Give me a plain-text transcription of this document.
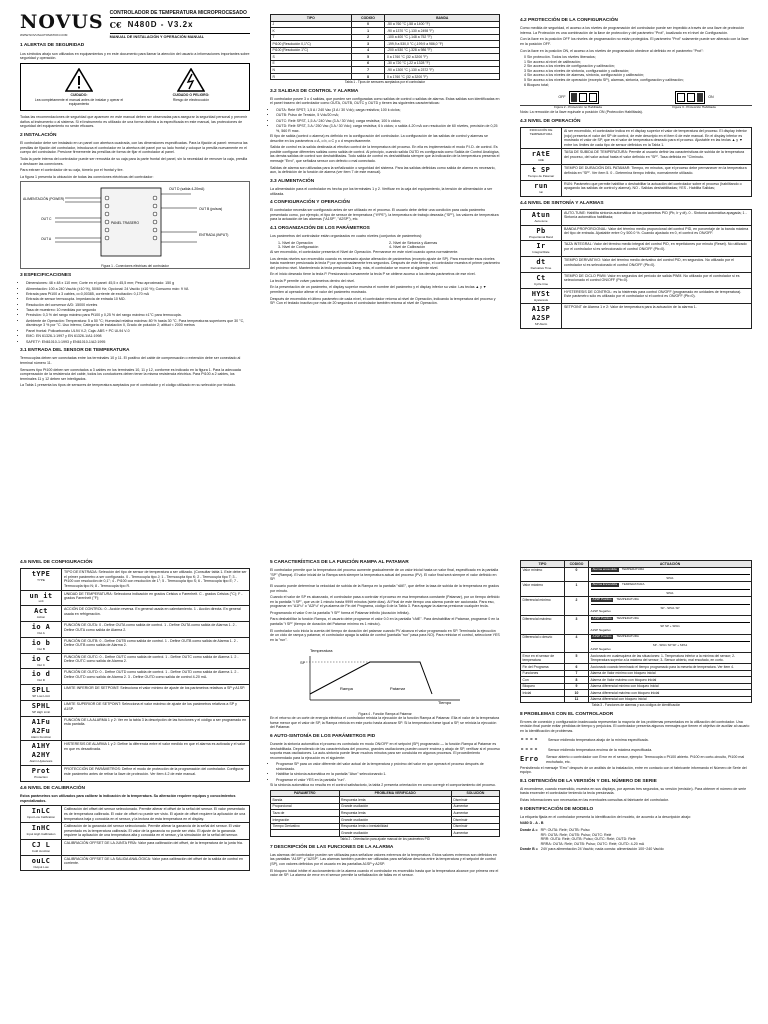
NOVUS
WWW.NOVUSAUTOMATION.COM
CONTROLADOR DE TEMPERATURA MICROPROCESADO
C€ N480D - V3.2x
MANUAL DE INSTALACIÓN Y OPERACIÓN MANUAL
1 ALERTAS DE SEGURIDAD

Los símbolos abajo son utilizados en equipamientos y en este documento para llamar la atención del usuario a informaciones importantes sobre seguridad y operación.

CUIDADO:
Lea completamente el manual antes de instalar y operar el equipamiento
CUIDADO O PELIGRO:
Riesgo de electrocución

Todas las recomendaciones de seguridad que aparecen en este manual deben ser observadas para asegurar la seguridad personal y prevenir daños al instrumento o al sistema. Si el instrumento es utilizado de una forma distinta a la especificada en este manual, las protecciones de seguridad del equipamiento no serán eficaces.

2 INSTALACIÓN

El controlador debe ser instalado en un panel con abertura cuadrada, con las dimensiones especificadas. Para la fijación al panel: remueva las presillas de fijación del controlador, introduzca el controlador en la abertura del panel por su lado frontal y coloque la presilla nuevamente en el cuerpo del controlador. Presione firmemente las presillas de forma de fijar el controlador al panel.

Toda la parte interna del controlador puede ser removida de su caja para la parte frontal del panel, sin la necesidad de remover la caja, presilla o deshacer las conexiones.

Para extraer el controlador de su caja, tómelo por el frontal y tire.

La figura 1 presenta la ubicación de todas las conexiones eléctricas del controlador:

PANEL TRASERO
ALIMENTACIÓN (POWER)
OUT C
OUT A
OUT D (salida 4-20mA)
OUT B (pulsos)
ENTRADA (INPUT)
Figura 1 - Conexiones eléctricas del controlador
3 ESPECIFICACIONES
• Dimensiones: 48 x 48 x 110 mm; Corte en el panel: 45,5 x 45,5 mm; Peso aproximado: 150 g
• Alimentación: 100 a 240 Vac/dc (±10 %), 50/60 Hz; Opcional: 24 Vac/dc (±10 %); Consumo máx: 9 VA
• Entrada para Pt100 a 3 cables, α=0,00385, corriente de excitación: 0,170 mA
• Entrada de sensor termocupla. Impedancia de entrada 10 MΩ.
• Resolución del conversor A/D: 15000 niveles
• Tasa de muestreo: 10 medidas por segundo
• Precisión: 0,3 % del rango máximo para Pt100 y 0,25 % del rango máximo ±1°C para termocupla.
• Ambiente de Operación: Temperatura: 5 a 50 °C; Humedad relativa máxima: 80 % hasta 30 °C. Para temperaturas superiores que 30 °C, disminuye 3 % por °C. Uso interno; Categoría de instalación II, Grado de polución 2; altitud < 2000 metros
• Panel frontal: Policarbonato UL94 V-2; Caja: ABS + PC UL94 V-0
• EMC: EN 61326-1:1997 y EN 61326-1/A1:1998
• SAFETY: EN61010-1:1993 y EN61010-1/A2:1995
3.1 ENTRADA DEL SENSOR DE TEMPERATURA

Termocuplas deben ser conectadas entre los terminales 10 y 11. El positivo del cable de compensación o extensión debe ser conectado al terminal número 11.

Sensores tipo Pt100 deben ser conectados a 3 cables en los terminales 10, 11 y 12, conforme es indicado en la figura 1. Para la adecuada compensación de la resistencia del cable, todos los conductores deben tener la misma resistencia eléctrica. Para Pt100 a 2 cables, los terminales 11 y 12 deben ser interligados.

La Tabla 1 presenta los tipos de sensores de temperatura aceptados por el controlador y el código utilizado en su selección por teclado.

4.5 NIVEL DE CONFIGURACIÓN
tYPE
TYPE
TIPO DE ENTRADA: Selección del tipo de sensor de temperatura a ser utilizado. (Consultar tabla 1. Este debe ser el primer parámetro a ser configurado. 0 - Termocupla tipo J; 1 - Termocupla tipo K; 2 - Termocupla tipo T; 3 - Pt100 con resolución de 0,1°; 4 - Pt100 con resolución de 1°; 5 - Termocupla tipo S; 6 - Termocupla tipo E; 7 - Termocupla tipo N; 8 - Termocupla tipo R.
un it
unit
UNIDAD DE TEMPERATURA: Selecciona indicación en grados Celsius o Farenheit. C - grados Celsius (°C); F - grados Farenheit (°F);
Act
Action
ACCIÓN DE CONTROL: 0 - Acción reversa. En general usada en calentamiento. 1 - Acción directa. En general usada en refrigeración.
io A
Out A
FUNCIÓN DE OUTA: 0 - Define OUTA como salida de control. 1 - Define OUTA como salida de Alarma 1. 2 - Define OUTA como salida de Alarma 2.
io b
Out B
FUNCIÓN DE OUTB: 0 - Define OUTB como salida de control. 1 - Define OUTB como salida de Alarma 1. 2 - Define OUTB como salida de Alarma 2.
io C
Out C
FUNCIÓN DE OUTC: 0 - Define OUTC como salida de control. 1 - Define OUTC como salida de Alarma 1. 2 - Define OUTC como salida de Alarma 2.
io d
Out D
FUNCIÓN DE OUTD: 0 - Define OUTD como salida de control. 1 - Define OUTD como salida de Alarma 1. 2 - Define OUTD como salida de Alarma 2. 3 - Define OUTD como salida de control 4-20 mA.
SPLL
SP Low Limit
LIMITE INFERIOR DE SETPOINT: Selecciona el valor mínimo de ajuste de los parámetros relativos a SP y A1SP.
SPHL
SP High Limit
LIMITE SUPERIOR DE SETPOINT: Selecciona el valor máximo de ajuste de los parámetros relativos a SP y A1SP.
A1Fu A2Fu
Alarm Function
FUNCIÓN DE LA ALARMA 1 y 2: Ver en la tabla 3 la descripción de las funciones y el código a ser programado en esta pantalla.
A1HY A2HY
Alarm Hysteresis
HISTERESIS DE ALARMA 1 y 2: Define la diferencia entre el valor medido en que el alarma es activada y el valor en que es desactivada.
Prot
Protection
PROTECCIÓN DE PARÁMETROS: Define el modo de protección de la programación del controlador. Configurar este parámetro antes de retirar la llave de protección. Ver ítem 4.2 de este manual.
4.6 NIVEL DE CALIBRACIÓN

Estos parámetros son utilizados para calibrar la indicación de la temperatura. Su alteración requiere equipos y conocimientos especializados.

InLC
Input Low Calibration
Calibración del offset del sensor seleccionado. Permite alterar el offset de la señal del sensor. El valor presentado es de temperatura calibrada. El valor de offset no puede ser visto. El ajuste de offset requiere la aplicación de una temperatura baja y conocida en el sensor, y la lectura de esta temperatura en el display.
InHC
Input High Calibration
Calibración de la ganancia del sensor seleccionado. Permite alterar la ganancia de la señal del sensor. El valor presentado es la temperatura calibrada. El valor de la ganancia no puede ser visto. El ajuste de la ganancia requiere la aplicación de una temperatura alta y conocida en el sensor, y la simulación de la señal del sensor.
CJ L
Cold Junction
CALIBRACIÓN OFFSET DE LA JUNTA FRÍA: Valor para calibración del offset, de la temperatura de la junta fría.
ouLC
Output Low
CALIBRACIÓN OFFSET DE LA SALIDA ANALÓGICA: Valor para calibración del offset de la salida de control en corriente.
TIPO	CODIGO	BANDA
J	0	-50 a 760 °C (-58 a 1400 °F)
K	1	-90 a 1370 °C (-130 a 2498 °F)
T	2	-100 a 400 °C (-148 a 752 °F)
Pt100 (Resolución 0,1°C)	3	-199,9 a 530,0 °C (-199,9 a 986,0 °F)
Pt100 (Resolución 1°C)	4	-200 a 530 °C (-328 a 986 °F)
S	5	0 a 1760 °C (32 a 3200 °F)
E	6	-30 a 720 °C (-22 a 1328 °F)
N	7	-90 a 1300 °C (-130 a 2372 °F)
R	8	0 a 1760 °C (32 a 3200 °F)
Tabla 1 - Tipos de sensores aceptados por el controlador
3.2 SALIDAS DE CONTROL Y ALARMA

El controlador posee 3 o 4 salidas, que pueden ser configuradas como salidas de control o salidas de alarma. Estas salidas son identificadas en el panel trasero del controlador como OUTA, OUTB, OUTC y OUTD y tienen las siguientes características:

• OUTA: Relé SPST; 1,5 A / 240 Vac (3 A / 30 Vdc); carga resistiva; 100 k ciclos;
• OUTB: Pulso de Tensión, 5 Vdc/20 mA;
• OUTC: Relé SPST, 1,5 A / 240 Vac (3 A / 30 Vdc); carga resistiva; 100 k ciclos;
• OUTD: Relé SPST, 3 A / 250 Vac (3 A / 30 Vdc); carga resistiva; 6 k ciclos; o salida 4-20 mA con resolución de 60 niveles, precisión de 0,25 %, 560 R max.

El tipo de salida (control o alarma) es definido en la configuración del controlador. La configuración de las salidas de control y alarmas se describe en los parámetros o A, o b, o C y o d respectivamente.

Salida de control es la salida destinada al efectivo control de la temperatura del proceso. En ella es implementado el modo P.I.D. de control. Es posible configurar diferentes salidas como salida de control. Al principio, cuando salida OUTD es configurada como Salida de Control Analógica, las demás salidas de control son deshabilitadas. Todo salida de control es deshabilitada siempre que la indicación de la temperatura presenta el mensaje "Erro", que señaliza sensor con defecto o mal conectado.

Salidas de alarma son utilizadas para la señalización o seguridad del sistema. Para las salidas definidas como salida de alarma es necesario, aun, la definición de la función de alarma (ver ítem 7 de este manual).

3.3 ALIMENTACIÓN

La alimentación para el controlador es hecha por los terminales 1 y 2. Verificar en la caja del equipamiento, la tensión de alimentación a ser utilizada.

4 CONFIGURACIÓN Y OPERACIÓN

El controlador necesita ser configurado antes de ser utilizado en el proceso. El usuario debe definir una condición para cada parámetro presentado como, por ejemplo, el tipo de sensor de temperatura ("tYPE"), la temperatura de trabajo deseada ("SP"), los valores de temperatura para la actuación de las alarmas ("A1SP", "A2SP"), etc.

4.1 ORGANIZACIÓN DE LOS PARÁMETROS

Los parámetros del controlador están organizados en cuatro niveles (conjuntos de parámetros):

1- Nivel de Operación	2- Nivel de Sintonía y Alarmas
3- Nivel de Configuración	4- Nivel de Calibración

Al ser encendido, el controlador presenta el Nivel de Operación. Permanece en este nivel cuando opera normalmente.

Los demás niveles son encendido cuando es necesario ajustar alteración de parámetros (excepto ajuste de SP). Para encender esos niveles basta mantener presionada la tecla P por aproximadamente tres segundos. Después de este tiempo, el controlador muestra el primer parámetro del próximo nivel. Manteniendo la tecla presionada 3 seg. más, el controlador se mueve al siguiente nivel.

En el inicio deseado tiene la tecla P. Presionando nuevamente la tecla P se obtiene acceso a los demás parámetros de ese nivel.

La tecla P permite volver parámetros dentro del nivel.

En la presentación de un parámetro, el display superior muestra el nombre del parámetro y el display inferior su valor. Las teclas ▲ y ▼ permiten al operador alterar el valor del parámetro mostrado.

Después de encendido el último parámetro de cada nivel, el controlador retorna al nivel de Operación, indicando la temperatura del proceso y SP. Con el teclado inactivo por más de 20 segundos el controlador también retorna al nivel de Operación.

5 CARACTERÍSTICAS DE LA FUNCIÓN RAMPA AL PATAMAR

El controlador permite que la temperatura del proceso aumente gradualmente de un valor inicial hasta un valor final, especificado en la pantalla "SP" (Rampa). El valor inicial de la Rampa será siempre la temperatura actual del proceso (PV). El valor final será siempre el valor definido en SP.

El usuario puede determinar la velocidad de subida de la Rampa en la pantalla "rAtE", que define la tasa de subida de la temperatura en grados por minuto.

Cuando el valor de SP es alcanzado, el controlador pasa a controlar el proceso en esa temperatura constante (Patamar), por un tiempo definido en la pantalla "t SP", que va de 1 minuto hasta 9999 minutos (siete días). Al Final de este tiempo una alarma puede ser accionada. Para eso, programar en "A1Fu" o "A2Fu" el ya alarma de Fin del Programa, código 6 de la Tabla 3. Para apagar la alarma presionar cualquier tecla.

Programando el valor 0 en la pantalla "t SP" forma el Patamar infinito (duración infinita).

Para deshabilitar la función Rampa, el usuario debe programar el valor 0.0 en la pantalla "rAtE". Para deshabilitar el Patamar, programar 0 en la pantalla "t SP" (tiempo de duración del Patamar mínimo es 1 minuto).

El controlador solo inicia la cuenta del tiempo de duración del patamar cuando PV alcanza el valor programado en SP. Terminada la ejecución de un ciclo de rampa y patamar, el controlador apaga la salida de control (pantalla "run" pasa para NO). Para reiniciar el control, seleccione YES en la "run".

Temperatura
SP
Rampa	Patamar
Tiempo
Figura 4 - Función Rampa al Patamar

En el retorno de un corte de energía eléctrica el controlador reinicia la ejecución de la función Rampa al Patamar. Ella el valor de la temperatura fuese menor que el valor de SP, la Rampa reinicia en este punto hasta alcanzar SP. Si la temperatura fuese igual a SP, se reinicia la ejecución del Patamar.

6 AUTO-SINTONÍA DE LOS PARÁMETROS PID

Durante la sintonía automática el proceso es controlado en modo ON/OFF en el setpoint (SP) programado — la función Rampa al Patamar es deshabilitada. Dependiendo de las características del proceso, grandes oscilaciones pueden ocurrir encima y abajo de SP, verificar si el proceso soporta esas oscilaciones. La auto-sintonía puede llevar muchos minutos para ser concluida en algunos procesos. El procedimiento recomendado para la ejecución es el siguiente:

• Programar SP para un valor diferente del valor actual de la temperatura y próximo del valor en que operará el proceso después de sintonizado.
• Habilitar la sintonía automática en la pantalla "Atun" seleccionando 1.
• Programar el valor YES en la pantalla "run".

Si la sintonía automática no resulta en el control satisfactorio, la tabla 2 presenta orientación en como corregir el comportamiento del proceso.

PARAMETRO	PROBLEMA VERIFICADO	SOLUCIÓN
Banda	Respuesta lenta	Disminuir
Proporcional	Grande oscilación	Aumentar
Taza de	Respuesta lenta	Aumentar
Integración	Grande oscilación	Disminuir
Tiempo Derivativo	Respuesta lenta o inestabilidad	Disminuir
	Grande oscilación	Aumentar
Tabla 2 - Orientación para ajuste manual de los parámetros PID
7 DESCRIPCIÓN DE LAS FUNCIONES DE LA ALARMA

Las alarmas del controlador pueden ser utilizadas para señalizar valores extremos de la temperatura. Estos valores extremos son definidos en las pantallas "A1SP" y "A2SP". Las alarmas también pueden ser utilizadas para señalizar desvíos entre la temperatura y el setpoint de control (SP), con valores definidos por el usuario en las pantallas A1SP y A2SP.

El bloqueo inicial inhibe el accionamiento de la alarma cuando el controlador es encendido hasta que la temperatura alcance por primera vez el valor de SP. La alarma de error en el sensor permite la señalización de fallas en el sensor.

4.2 PROTECCIÓN DE LA CONFIGURACIÓN

Como medida de seguridad, el acceso a los niveles de programación del controlador puede ser impedido a través de una llave de protección interna. La Protección es una combinación de la llave de protección y del parámetro "Prot", localizado en el nivel de Configuración.

Con la llave en la posición OFF los niveles de programación no están protegidos. El parámetro "Prot" solamente puede ser alterado con la llave en la posición OFF.

Con la llave en la posición ON, el acceso a los niveles de programación obedece al definido en el parámetro "Prot":

0 Sin protección. Todos los niveles liberados;
1 Sin acceso al nivel de calibración;
2 Sin acceso a los niveles de configuración y calibración;
3 Sin acceso a los niveles de sintonía, configuración y calibración;
4 Sin acceso a los niveles de alarmas, sintonía, configuración y calibración;
5 Sin acceso a los niveles de operación (excepto SP), alarmas, sintonía, configuración y calibración;
6 Bloqueo total;
OFF	ON
Figura 2 - Protección no Habilitada	Figura 3 - Protección Habilitada

Nota: La remoción de la llave equivale a posición ON (Protección Habilitada).

4.3 NIVEL DE OPERACIÓN
INDICACIÓN DE TEMPERATURA
Al ser encendido, el controlador indica en el display superior el valor de temperatura del proceso. El display inferior (rojo) presenta el valor del SP de control, de este descripto en el ítem 6 de este manual. En el display inferior es mostrado el valor de SP, que es el valor de temperatura deseado para el proceso. Ajustable en las teclas ▲ y ▼ entre los límites de cada tipo de sensor definidos en la Tabla 1.
rAtE
rAtE
TASA DE SUBIDA DE TEMPERATURA: Permite al usuario definir las características de subida de la temperatura del proceso, del valor actual hasta el valor definido en "SP". Tasa definida en °C/minuto.
t SP
Tiempo de Patamar
TIEMPO DE DURACIÓN DEL PATAMAR: Tiempo, en minutos, que el proceso debe permanecer en la temperatura definida en "SP". Ver ítem 5. 0 - Determina tiempo infinito, normalmente utilizado.
run
run
RUN: Parámetro que permite habilitar o deshabilitar la actuación del controlador sobre el proceso (habilitando o apagando las salidas de control y alarma). NO - Salidas deshabilitadas; YES - Habilita Salidas;
4.4 NIVEL DE SINTONÍA Y ALARMAS
Atun
Auto-tune
AUTO-TUNE: Habilita sintonía automática de los parámetros PID (Pb, Ir y dt). 0 - Sintonía automática apagada; 1 - Sintonía automática habilitada;
Pb
Proportional Band
BANDA PROPORCIONAL: Valor del término medio proporcional del control PID, en porcentaje de la banda máxima del tipo de entrada. Ajustable entre 0 y 500.0 %. Cuando ajustado en 0, el control es ON/OFF.
Ir
Integral Rate
TAZA INTEGRAL: Valor del término medio integral del control PID, en repeticiones por minuto (Reset). No utilizado por el controlador si es seleccionado el control ON/OFF (Pb=0).
dt
Derivative Time
TIEMPO DERIVATIVO: Valor del término medio derivativo del control PID, en segundos. No utilizado por el controlador si es seleccionado el control ON/OFF (Pb=0).
Ct
Cycle time
TIEMPO DE CICLO PWM: Valor en segundos del período de salida PWM. No utilizado por el controlador si es seleccionado el control ON/OFF (Pb=0).
HYSt
Hysteresis
HYSTERESIS DE CONTROL: es la histéresis para control ON/OFF (programado en unidades de temperatura). Este parámetro sólo es utilizado por el controlador si el control es ON/OFF (Pb=0).
A1SP A2SP
SP Alarm
SETPOINT de Alarma 1 e 2: Valor de temperatura para la actuación de la alarma 1.
TIPO	CODIGO	ACTUACIÓN
Valor mínimo	0	Alarma encendida TEMPERATURA
SPA1

Valor máximo	1	Alarma Encendida TEMPERATURA
SPA1

Diferencial mínimo	2	A1SP Positivo TEMPERATURA
SP - SPA1 SP
A1SP Negativo

Diferencial máximo	3	A1SP Positivo TEMPERATURA
SP SP + SPA1
A1SP Negativo

Diferencial o desvío	4	A1SP Positivo TEMPERATURA
SP - SPA1 SP SP + SPA1
A1SP Negativo

Error en el sensor de temperatura	5	Accionado en cualesquiera de las situaciones: 1- Temperatura inferior a la mínima del sensor; 2- Temperatura superior a la máxima del sensor; 3- Sensor abierto, mal encufado, en corto.
Fin del Programa	6	Accionado cuando terminado el tiempo programado para la meseta de temperatura. Ver ítem 4.
Funciones	7	Alarma de Valor mínimo con bloqueo inicial
Con	8	Alarma de Valor máximo con bloqueo inicial
Bloqueo	9	Alarma diferencial mínimo con bloqueo inicial
Inicial	10	Alarma diferencial máximo con bloqueo inicial
	11	Alarma diferencial con bloqueo inicial
Tabla 3 - Funciones de alarmas y sus códigos de identificación
8 PROBLEMAS CON EL CONTROLADOR

Errores de conexión y configuración inadecuada representan la mayoría de los problemas presentados en la utilización del controlador. Una revisión final puede evitar pérdidas de tiempo y perjuicios. El controlador presenta algunos mensajes que tienen el objetivo de auxiliar al usuario en la identificación de problemas.

----	Sensor midiendo temperatura abajo de la mínima especificada.
----	Sensor midiendo temperatura encima de la máxima especificada.
Erro	Sensor abierto o controlador con Error en el sensor, ejemplo: Termocupla o Pt100 abierto. Pt100 en corto-circuito, Pt100 mal enchufado, etc.

Persistiendo el mensaje "Erro" después de un análisis de la instalación, entre en contacto con el fabricante informando el Número de Serie del equipo.

8.1 OBTENCIÓN DE LA VERSIÓN Y DEL NÚMERO DE SERIE

Al encenderse, cuando encendido, muestra en sus displays, por apenas tres segundos, su versión (revisión). Para obtener el número de serie basta encender el controlador teniendo la tecla presionada.

Estas informaciones son necesarias en las eventuales consultas al fabricante del controlador.

9 IDENTIFICACIÓN DE MODELO

La etiqueta fijada en el controlador presenta la identificación del modelo, de acuerdo a la descripción abajo:

N480 D - A - B

Donde A = RP: OUTA: Relé; OUTB: Pulso
RR: OUTA: Relé; OUTB: Pulso; OUTC: Relé
RRR: OUTA: Relé; OUTB: Pulso; OUTC: Relé; OUTD: Relé
RRRA: OUTA: Relé; OUTB: Pulso; OUTC: Relé; OUTD: 4-20 mA
Donde B = 24V para alimentación 24 Vac/dc; nada consta: alimentación 100~240 Vac/dc
